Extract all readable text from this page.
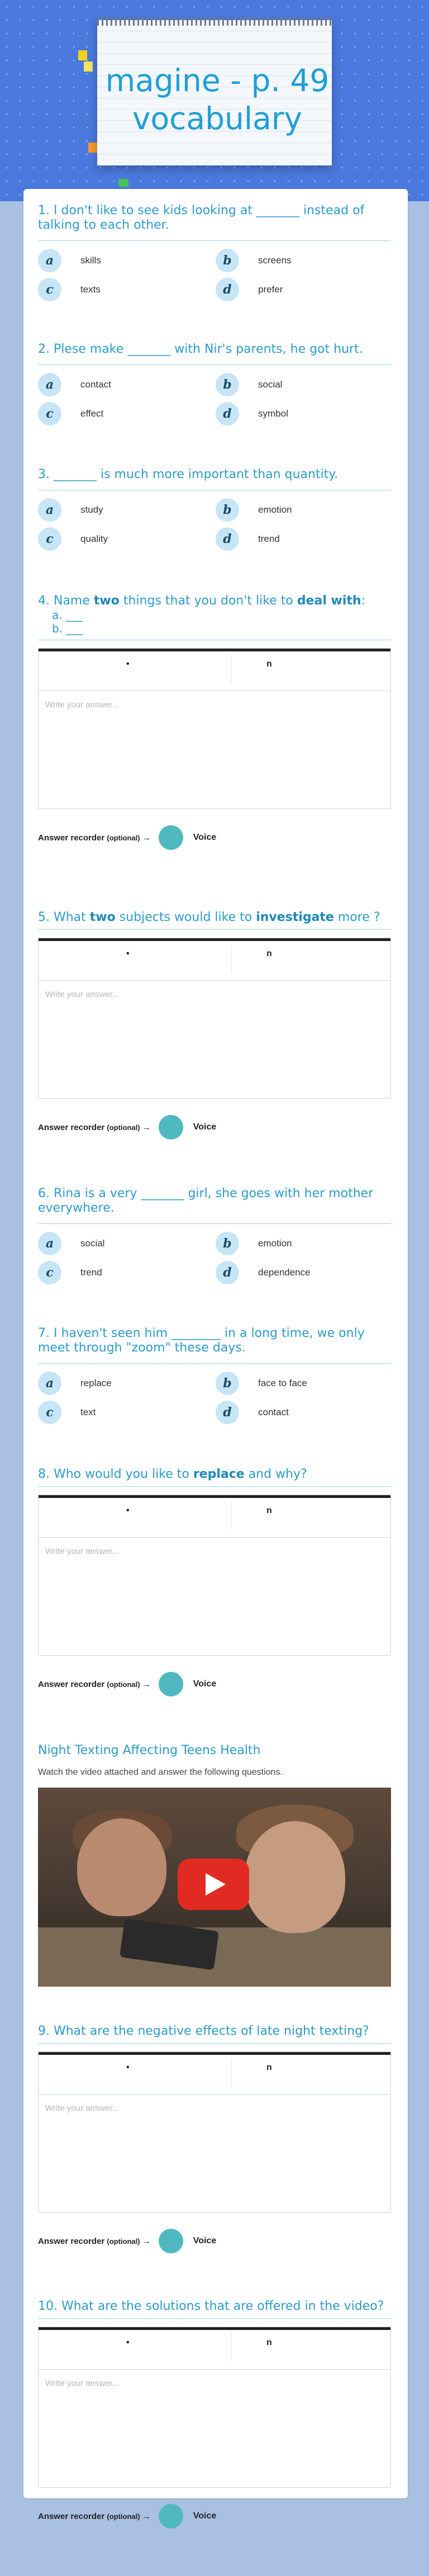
magine - p. 49
vocabulary
1. I don't like to see kids looking at _______ instead of talking to each other.
a	skills	b	screens
c	texts	d	prefer
2. Plese make _______ with Nir's parents, he got hurt.
a	contact	b	social
c	effect	d	symbol
3. _______ is much more important than quantity.
a	study	b	emotion
c	quality	d	trend
4. Name two things that you don't like to deal with:
a. ___
b. ___
•	n
Write your answer...
Answer recorder (optional) →	Voice
5. What two subjects would like to investigate more ?
•	n
Write your answer...
Answer recorder (optional) →	Voice
6. Rina is a very _______ girl, she goes with her mother everywhere.
a	social	b	emotion
c	trend	d	dependence
7. I haven't seen him ________ in a long time, we only meet through "zoom" these days.
a	replace	b	face to face
c	text	d	contact
8. Who would you like to replace and why?
•	n
Write your answer...
Answer recorder (optional) →	Voice
Night Texting Affecting Teens Health
Watch the video attached and answer the following questions.
9. What are the negative effects of late night texting?
•	n
Write your answer...
Answer recorder (optional) →	Voice
10. What are the solutions that are offered in the video?
•	n
Write your answer...
Answer recorder (optional) →	Voice
